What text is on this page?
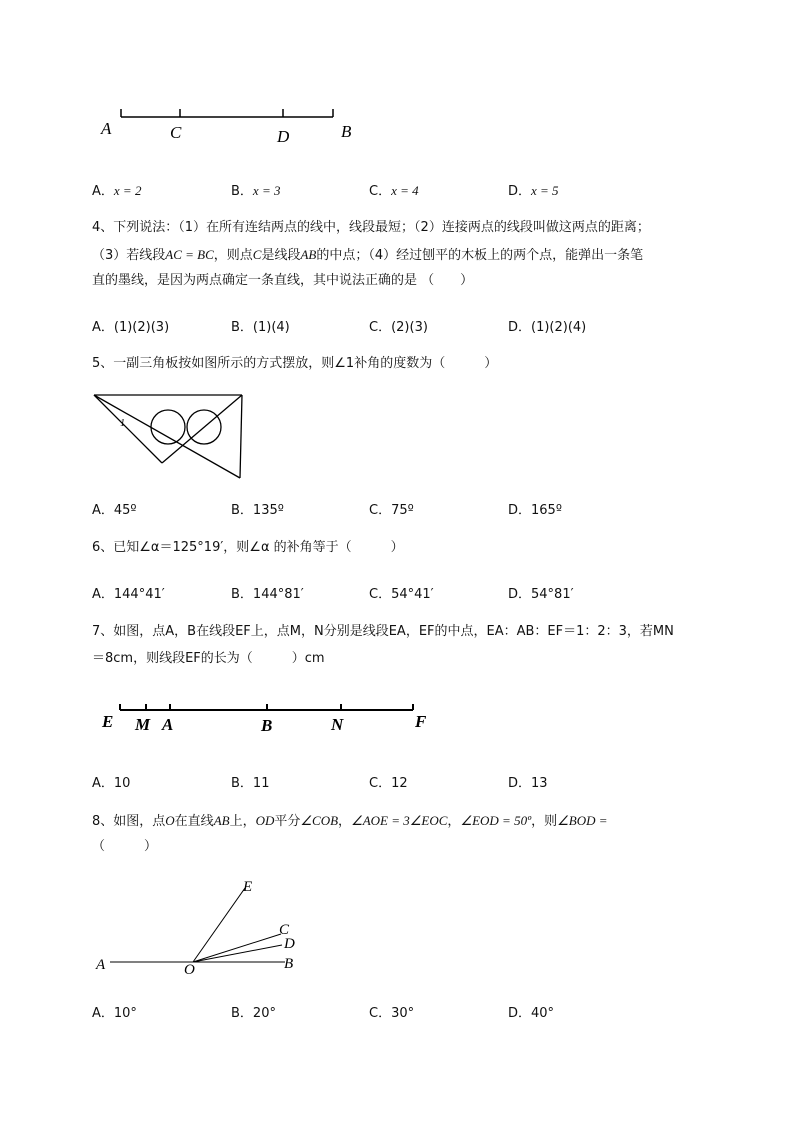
A	C	D	B
A．x = 2	B．x = 3	C．x = 4	D．x = 5
4、下列说法：（1）在所有连结两点的线中，线段最短；（2）连接两点的线段叫做这两点的距离；
（3）若线段AC = BC，则点C是线段AB的中点；（4）经过刨平的木板上的两个点，能弹出一条笔
直的墨线，是因为两点确定一条直线，其中说法正确的是 （　　）
A．(1)(2)(3)	B．(1)(4)	C．(2)(3)	D．(1)(2)(4)
5、一副三角板按如图所示的方式摆放，则∠1补角的度数为（　　　）
1
A．45º	B．135º	C．75º	D．165º
6、已知∠α＝125°19′，则∠α 的补角等于（　　　）
A．144°41′	B．144°81′	C．54°41′	D．54°81′
7、如图，点A，B在线段EF上，点M，N分别是线段EA，EF的中点，EA：AB：EF＝1：2：3，若MN
＝8cm，则线段EF的长为（　　　）cm
E M A	B	N	F
A．10	B．11	C．12	D．13
8、如图，点O在直线AB上，OD平分∠COB，∠AOE = 3∠EOC，∠EOD = 50º，则∠BOD =
（　　　）
E
C
D
A	O	B
A．10°	B．20°	C．30°	D．40°
